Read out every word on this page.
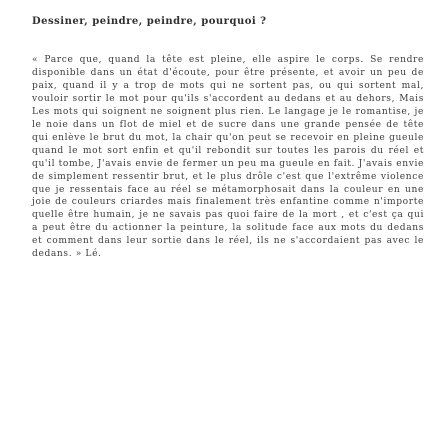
Dessiner, peindre, peindre, pourquoi ?

« Parce que, quand la tête est pleine, elle aspire le corps. Se rendre disponible dans un état d'écoute, pour être présente, et avoir un peu de paix, quand il y a trop de mots qui ne sortent pas, ou qui sortent mal, vouloir sortir le mot pour qu'ils s'accordent au dedans et au dehors, Mais Les mots qui soignent ne soignent plus rien. Le langage je le romantise, je le noie dans un flot de miel et de sucre dans une grande pensée de tête qui enlève le brut du mot, la chair qu'on peut se recevoir en pleine gueule quand le mot sort enfin et qu'il rebondit sur toutes les parois du réel et qu'il tombe, J'avais envie de fermer un peu ma gueule en fait. J'avais envie de simplement ressentir brut, et le plus drôle c'est que l'extrême violence que je ressentais face au réel se métamorphosait dans la couleur en une joie de couleurs criardes mais finalement très enfantine comme n'importe quelle être humain, je ne savais pas quoi faire de la mort , et c'est ça qui a peut être du actionner la peinture, la solitude face aux mots du dedans et comment dans leur sortie dans le réel, ils ne s'accordaient pas avec le dedans. » Lé.
